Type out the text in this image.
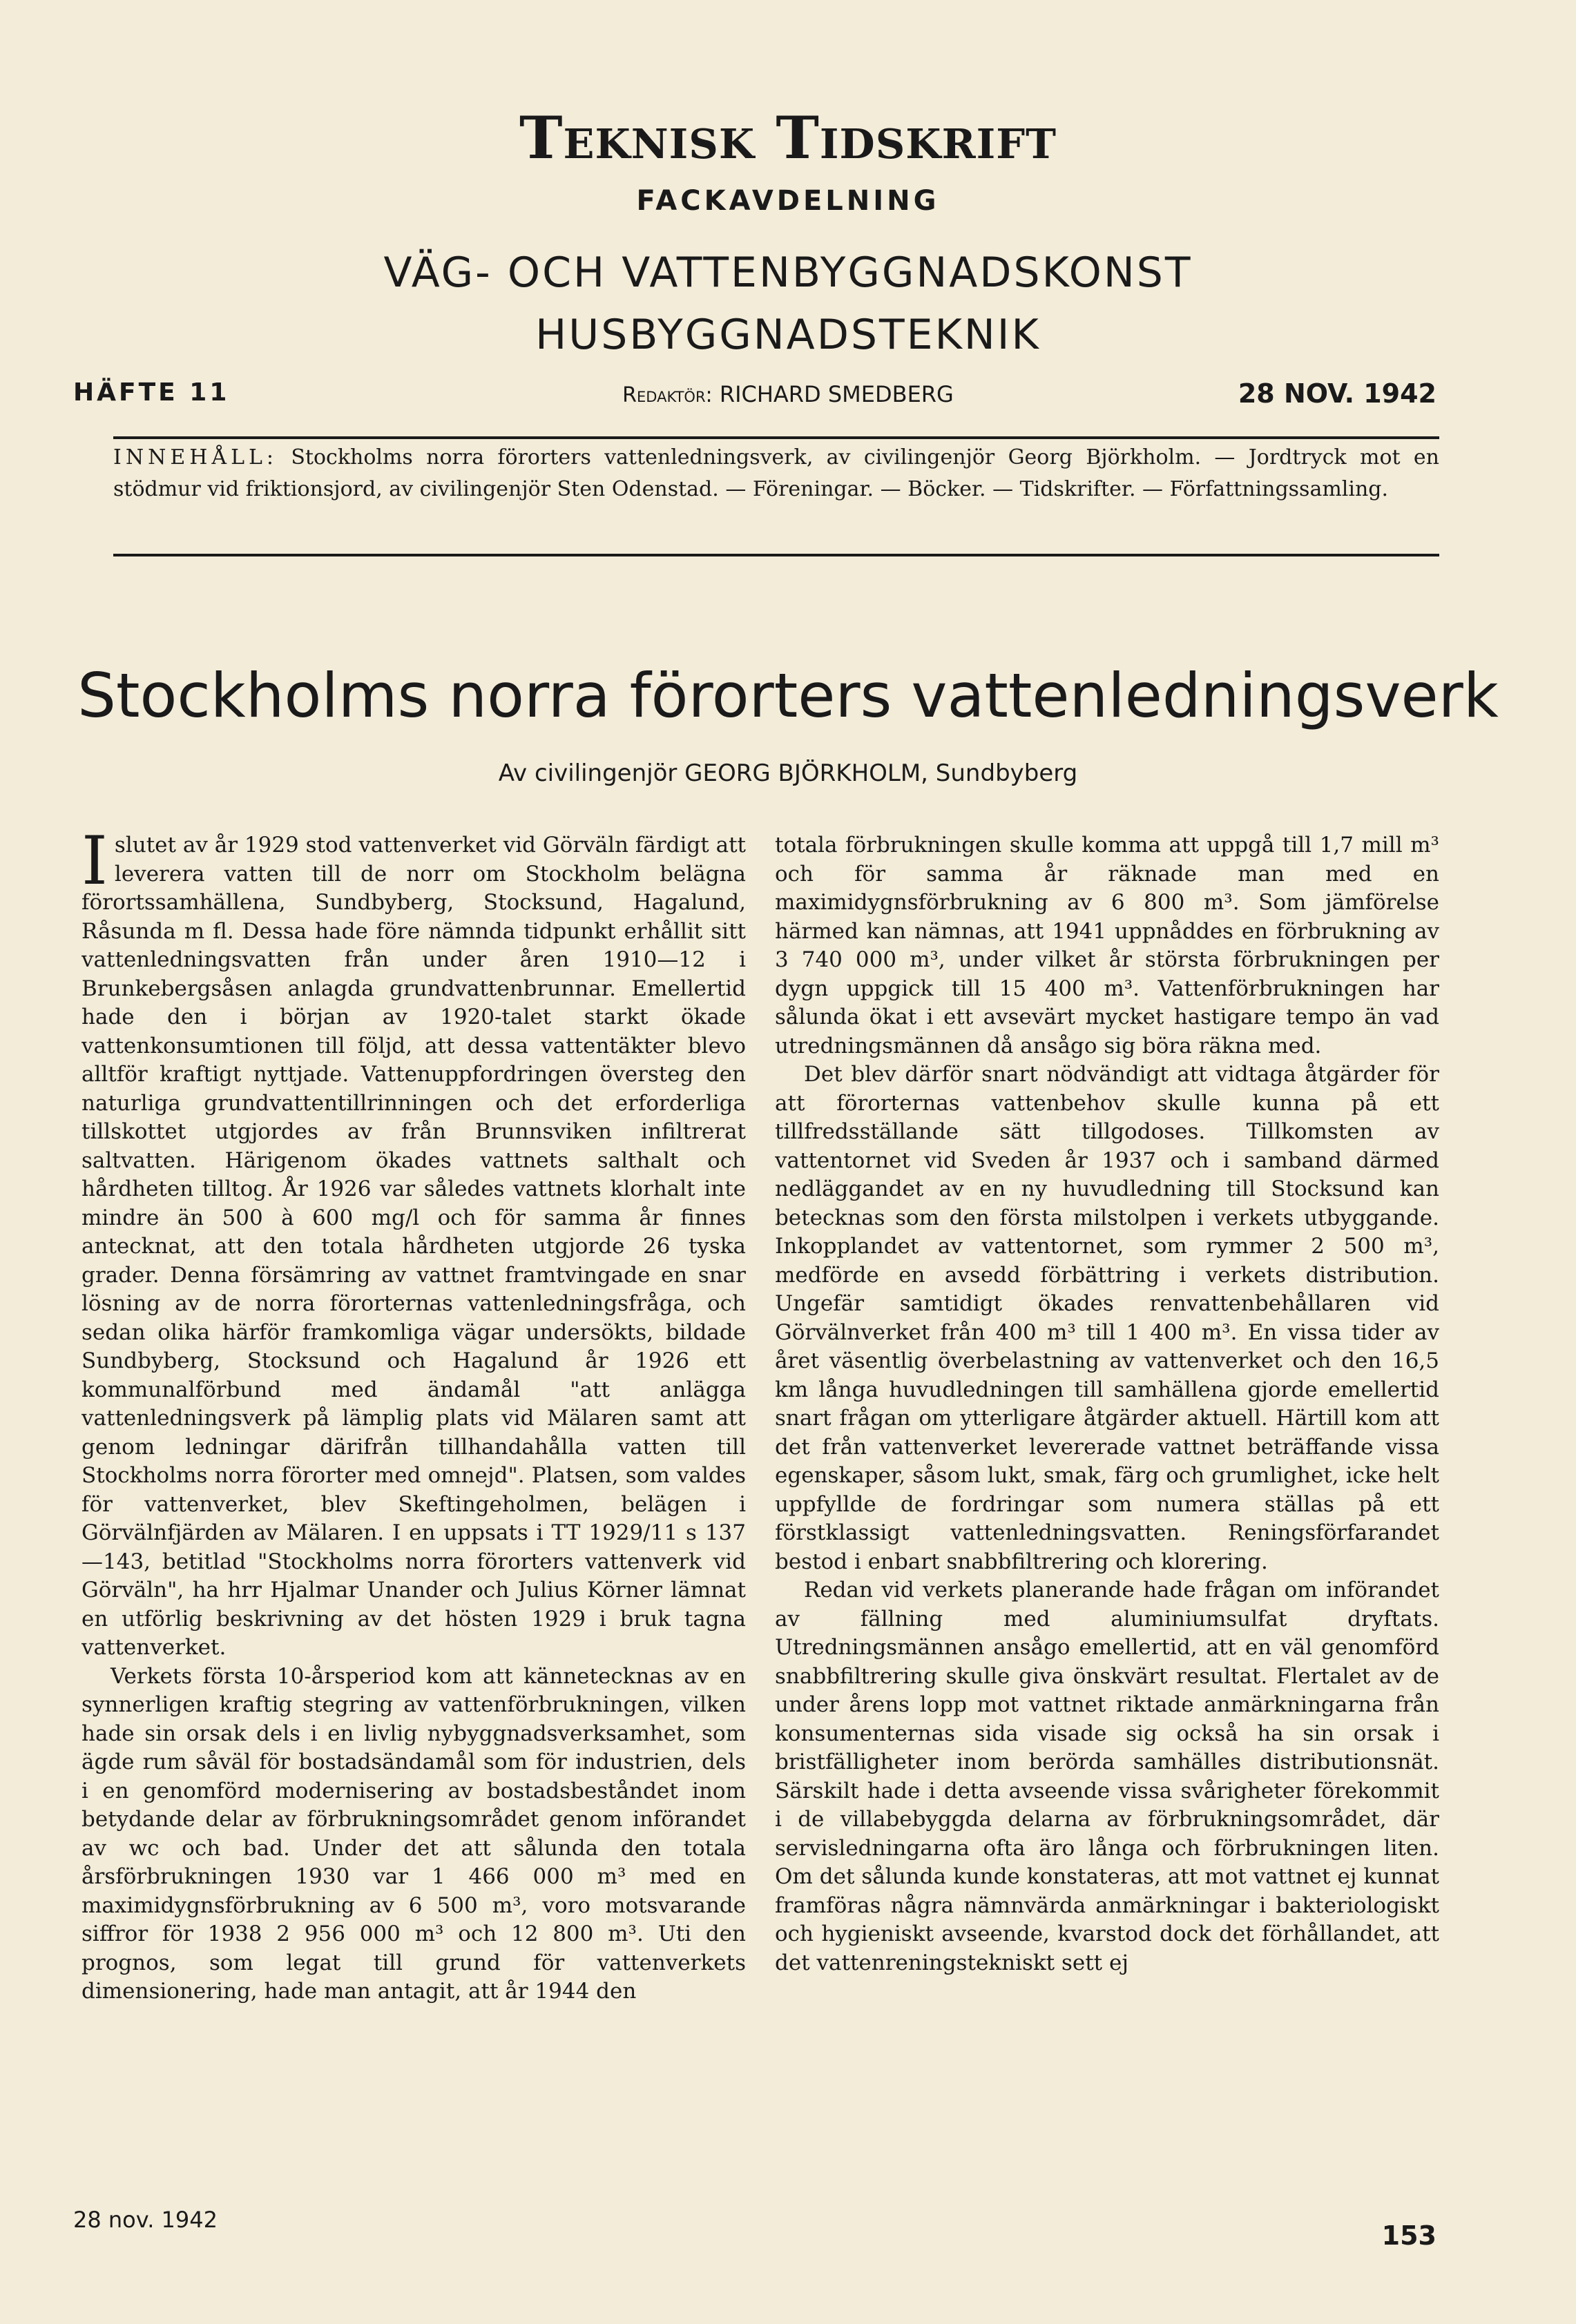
Teknisk Tidskrift
FACKAVDELNING
VÄG- OCH VATTENBYGGNADSKONST
HUSBYGGNADSTEKNIK
HÄFTE 11	Redaktör: RICHARD SMEDBERG	28 NOV. 1942
INNEHÅLL: Stockholms norra förorters vattenledningsverk, av civilingenjör Georg Björkholm. — Jordtryck mot en stödmur vid friktionsjord, av civilingenjör Sten Odenstad. — Föreningar. — Böcker. — Tidskrifter. — Författningssamling.
Stockholms norra förorters vattenledningsverk
Av civilingenjör GEORG BJÖRKHOLM, Sundbyberg

I slutet av år 1929 stod vattenverket vid Görväln färdigt att leverera vatten till de norr om Stockholm belägna förortssamhällena, Sundbyberg, Stocksund, Hagalund, Råsunda m fl. Dessa hade före nämnda tidpunkt erhållit sitt vattenledningsvatten från under åren 1910—12 i Brunkebergsåsen anlagda grundvattenbrunnar. Emellertid hade den i början av 1920-talet starkt ökade vattenkonsumtionen till följd, att dessa vattentäkter blevo alltför kraftigt nyttjade. Vattenuppfordringen översteg den naturliga grundvattentillrinningen och det erforderliga tillskottet utgjordes av från Brunnsviken infiltrerat saltvatten. Härigenom ökades vattnets salthalt och hårdheten tilltog. År 1926 var således vattnets klorhalt inte mindre än 500 à 600 mg/l och för samma år finnes antecknat, att den totala hårdheten utgjorde 26 tyska grader. Denna försämring av vattnet framtvingade en snar lösning av de norra förorternas vattenledningsfråga, och sedan olika härför framkomliga vägar undersökts, bildade Sundbyberg, Stocksund och Hagalund år 1926 ett kommunalförbund med ändamål "att anlägga vattenledningsverk på lämplig plats vid Mälaren samt att genom ledningar därifrån tillhandahålla vatten till Stockholms norra förorter med omnejd". Platsen, som valdes för vattenverket, blev Skeftingeholmen, belägen i Görvälnfjärden av Mälaren. I en uppsats i TT 1929/11 s 137—143, betitlad "Stockholms norra förorters vattenverk vid Görväln", ha hrr Hjalmar Unander och Julius Körner lämnat en utförlig beskrivning av det hösten 1929 i bruk tagna vattenverket.

Verkets första 10-årsperiod kom att kännetecknas av en synnerligen kraftig stegring av vattenförbrukningen, vilken hade sin orsak dels i en livlig nybyggnadsverksamhet, som ägde rum såväl för bostadsändamål som för industrien, dels i en genomförd modernisering av bostadsbeståndet inom betydande delar av förbrukningsområdet genom införandet av wc och bad. Under det att sålunda den totala årsförbrukningen 1930 var 1 466 000 m³ med en maximidygnsförbrukning av 6 500 m³, voro motsvarande siffror för 1938 2 956 000 m³ och 12 800 m³. Uti den prognos, som legat till grund för vattenverkets dimensionering, hade man antagit, att år 1944 den

totala förbrukningen skulle komma att uppgå till 1,7 mill m³ och för samma år räknade man med en maximidygnsförbrukning av 6 800 m³. Som jämförelse härmed kan nämnas, att 1941 uppnåddes en förbrukning av 3 740 000 m³, under vilket år största förbrukningen per dygn uppgick till 15 400 m³. Vattenförbrukningen har sålunda ökat i ett avsevärt mycket hastigare tempo än vad utredningsmännen då ansågo sig böra räkna med.

Det blev därför snart nödvändigt att vidtaga åtgärder för att förorternas vattenbehov skulle kunna på ett tillfredsställande sätt tillgodoses. Tillkomsten av vattentornet vid Sveden år 1937 och i samband därmed nedläggandet av en ny huvudledning till Stocksund kan betecknas som den första milstolpen i verkets utbyggande. Inkopplandet av vattentornet, som rymmer 2 500 m³, medförde en avsedd förbättring i verkets distribution. Ungefär samtidigt ökades renvattenbehållaren vid Görvälnverket från 400 m³ till 1 400 m³. En vissa tider av året väsentlig överbelastning av vattenverket och den 16,5 km långa huvudledningen till samhällena gjorde emellertid snart frågan om ytterligare åtgärder aktuell. Härtill kom att det från vattenverket levererade vattnet beträffande vissa egenskaper, såsom lukt, smak, färg och grumlighet, icke helt uppfyllde de fordringar som numera ställas på ett förstklassigt vattenledningsvatten. Reningsförfarandet bestod i enbart snabbfiltrering och klorering.

Redan vid verkets planerande hade frågan om införandet av fällning med aluminiumsulfat dryftats. Utredningsmännen ansågo emellertid, att en väl genomförd snabbfiltrering skulle giva önskvärt resultat. Flertalet av de under årens lopp mot vattnet riktade anmärkningarna från konsumenternas sida visade sig också ha sin orsak i bristfälligheter inom berörda samhälles distributionsnät. Särskilt hade i detta avseende vissa svårigheter förekommit i de villabebyggda delarna av förbrukningsområdet, där servisledningarna ofta äro långa och förbrukningen liten. Om det sålunda kunde konstateras, att mot vattnet ej kunnat framföras några nämnvärda anmärkningar i bakteriologiskt och hygieniskt avseende, kvarstod dock det förhållandet, att det vattenreningstekniskt sett ej

28 nov. 1942
153
